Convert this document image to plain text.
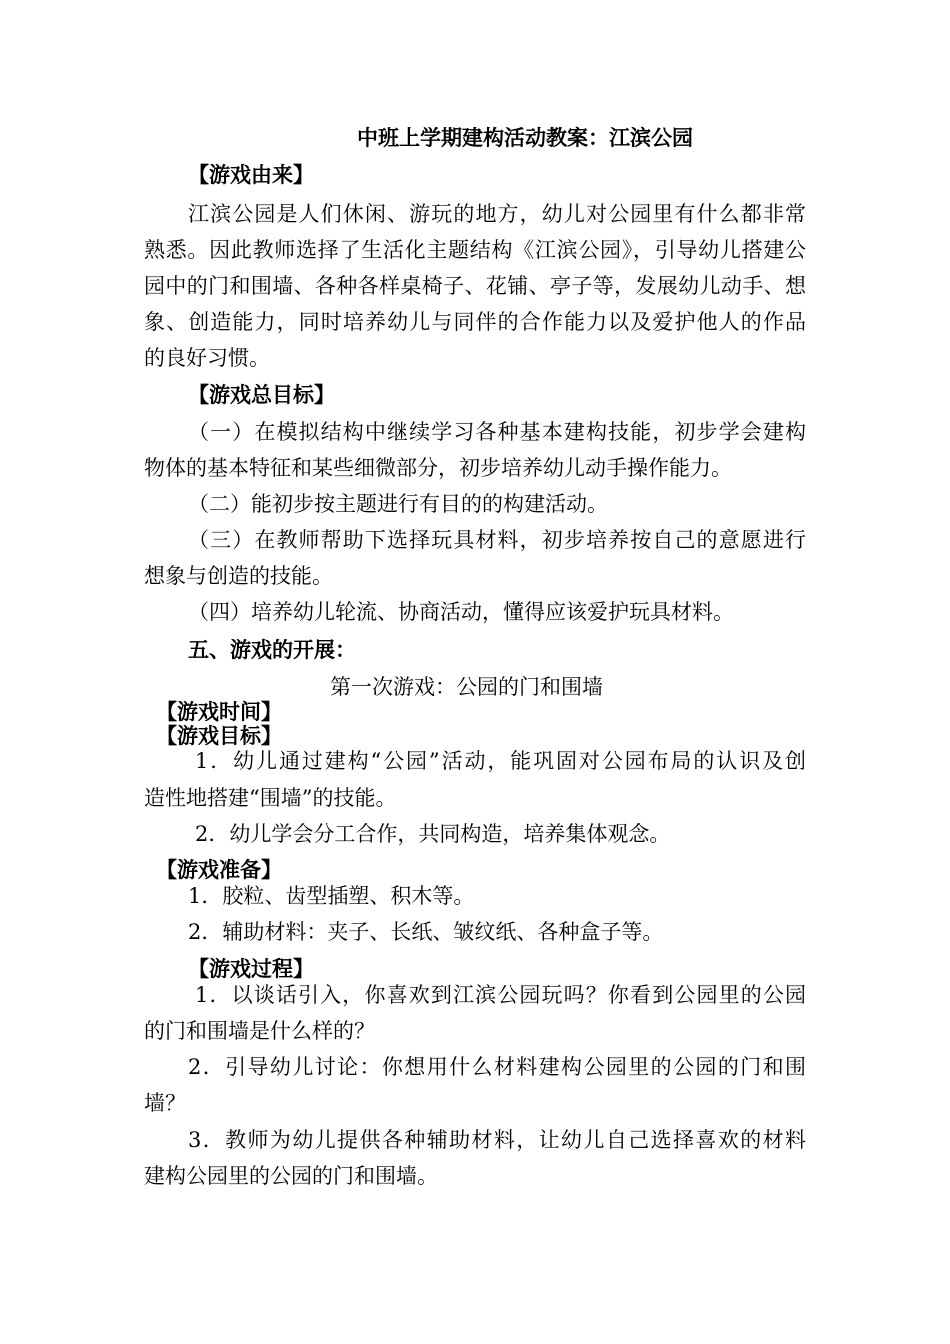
中班上学期建构活动教案：江滨公园
【游戏由来】
江滨公园是人们休闲、游玩的地方，幼儿对公园里有什么都非常
熟悉。因此教师选择了生活化主题结构《江滨公园》，引导幼儿搭建公
园中的门和围墙、各种各样桌椅子、花铺、亭子等，发展幼儿动手、想
象、创造能力，同时培养幼儿与同伴的合作能力以及爱护他人的作品
的良好习惯。
【游戏总目标】
（一）在模拟结构中继续学习各种基本建构技能，初步学会建构
物体的基本特征和某些细微部分，初步培养幼儿动手操作能力。
（二）能初步按主题进行有目的的构建活动。
（三）在教师帮助下选择玩具材料，初步培养按自己的意愿进行
想象与创造的技能。
（四）培养幼儿轮流、协商活动，懂得应该爱护玩具材料。
五、游戏的开展：
第一次游戏：公园的门和围墙
【游戏时间】
【游戏目标】
1．幼儿通过建构“公园”活动，能巩固对公园布局的认识及创
造性地搭建“围墙”的技能。
2．幼儿学会分工合作，共同构造，培养集体观念。
【游戏准备】
1．胶粒、齿型插塑、积木等。
2．辅助材料：夹子、长纸、皱纹纸、各种盒子等。
【游戏过程】
1．以谈话引入，你喜欢到江滨公园玩吗？你看到公园里的公园
的门和围墙是什么样的？
2．引导幼儿讨论：你想用什么材料建构公园里的公园的门和围
墙？
3．教师为幼儿提供各种辅助材料，让幼儿自己选择喜欢的材料
建构公园里的公园的门和围墙。
